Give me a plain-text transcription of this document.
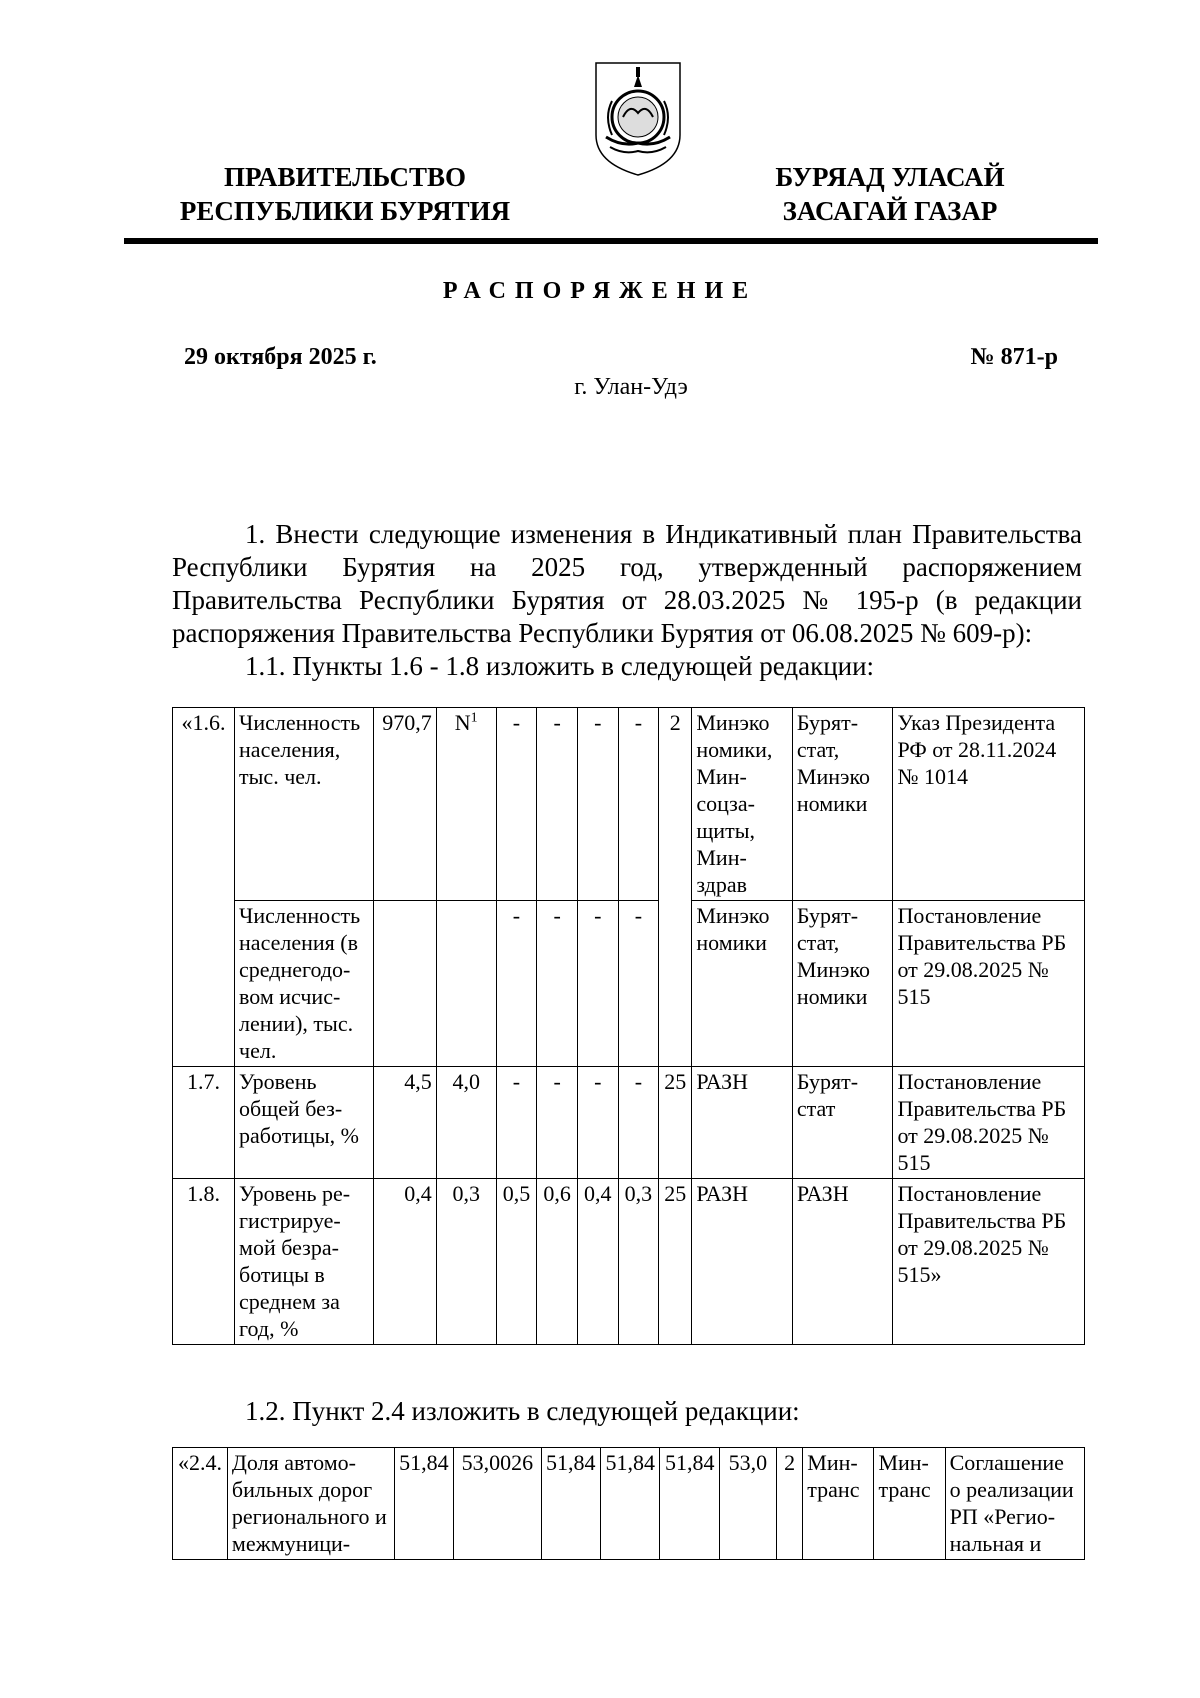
ПРАВИТЕЛЬСТВО
РЕСПУБЛИКИ БУРЯТИЯ
БУРЯАД УЛАСАЙ
ЗАСАГАЙ ГАЗАР
РАСПОРЯЖЕНИЕ
29 октября 2025 г.	№ 871-р
г. Улан-Удэ
1. Внести следующие изменения в Индикативный план Правительства Республики Бурятия на 2025 год, утвержденный распоряжением Правительства Республики Бурятия от 28.03.2025 № 195-р (в редакции распоряжения Правительства Республики Бурятия от 06.08.2025 № 609-р):
1.1. Пункты 1.6 - 1.8 изложить в следующей редакции:
«1.6.	Численность населения, тыс. чел.	970,7	$N^1$	-	-	-	-	2	Минэко номики, Мин- соцза- щиты, Мин- здрав	Бурят- стат, Минэко номики	Указ Президента РФ от 28.11.2024 № 1014
	Численность населения (в среднегодо- вом исчис- лении), тыс. чел.			-	-	-	-		Минэко номики	Бурят- стат, Минэко номики	Постановление Правительства РБ от 29.08.2025 № 515
1.7.	Уровень общей без- работицы, %	4,5	4,0	-	-	-	-	25	РАЗН	Бурят- стат	Постановление Правительства РБ от 29.08.2025 № 515
1.8.	Уровень ре- гистрируе- мой безра- ботицы в среднем за год, %	0,4	0,3	0,5	0,6	0,4	0,3	25	РАЗН	РАЗН	Постановление Правительства РБ от 29.08.2025 № 515»
1.2. Пункт 2.4 изложить в следующей редакции:
«2.4.	Доля автомо- бильных дорог регионального и межмуници-	51,84	53,0026	51,84	51,84	51,84	53,0	2	Мин- транс	Мин- транс	Соглашение о реализации РП «Регио- нальная и
